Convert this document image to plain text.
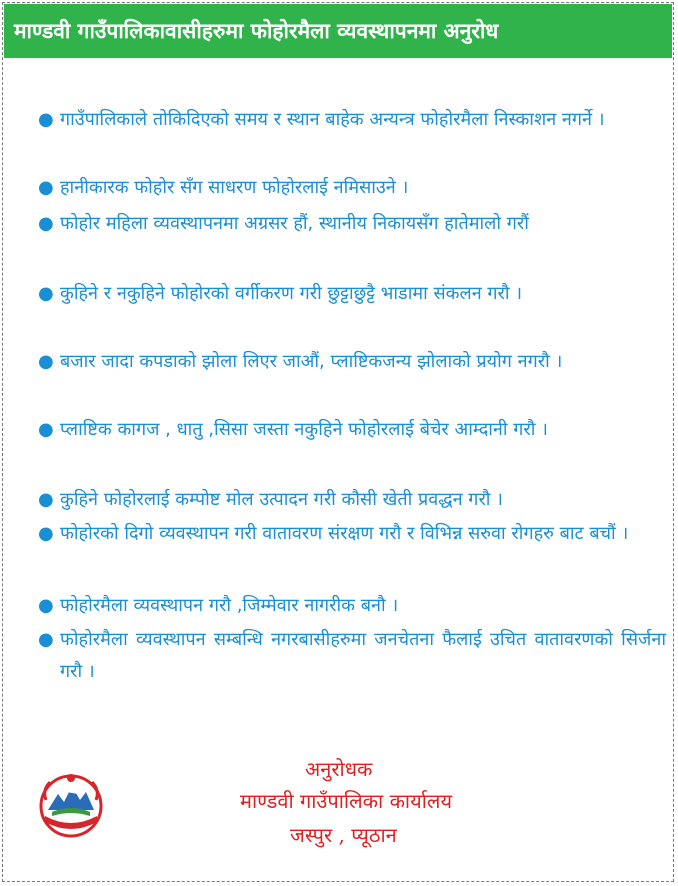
माण्डवी गाउँपालिकावासीहरुमा फोहोरमैला व्यवस्थापनमा अनुरोध
● गाउँपालिकाले तोकिदिएको समय र स्थान बाहेक अन्यन्त्र फोहोरमैला निस्काशन नगर्ने ।
● हानीकारक फोहोर सँग साधरण फोहोरलाई नमिसाउने ।
● फोहोर महिला व्यवस्थापनमा अग्रसर हौं, स्थानीय निकायसँग हातेमालो गरौं
● कुहिने र नकुहिने फोहोरको वर्गीकरण गरी छुट्टाछुट्टै भाडामा संकलन गरौ ।
● बजार जादा कपडाको झोला लिएर जाऔं, प्लाष्टिकजन्य झोलाको प्रयोग नगरौ ।
● प्लाष्टिक कागज , धातु ,सिसा जस्ता नकुहिने फोहोरलाई बेचेर आम्दानी गरौ ।
● कुहिने फोहोरलाई कम्पोष्ट मोल उत्पादन गरी कौसी खेती प्रवद्धन गरौ ।
● फोहोरको दिगो व्यवस्थापन गरी वातावरण संरक्षण गरौ र विभिन्न सरुवा रोगहरु बाट बचौं ।
● फोहोरमैला व्यवस्थापन गरौ ,जिम्मेवार नागरीक बनौ ।
● फोहोरमैला व्यवस्थापन सम्बन्धि नगरबासीहरुमा जनचेतना फैलाई उचित वातावरणको सिर्जना गरौ ।
अनुरोधक
माण्डवी गाउँपालिका कार्यालय
जस्पुर , प्यूठान
